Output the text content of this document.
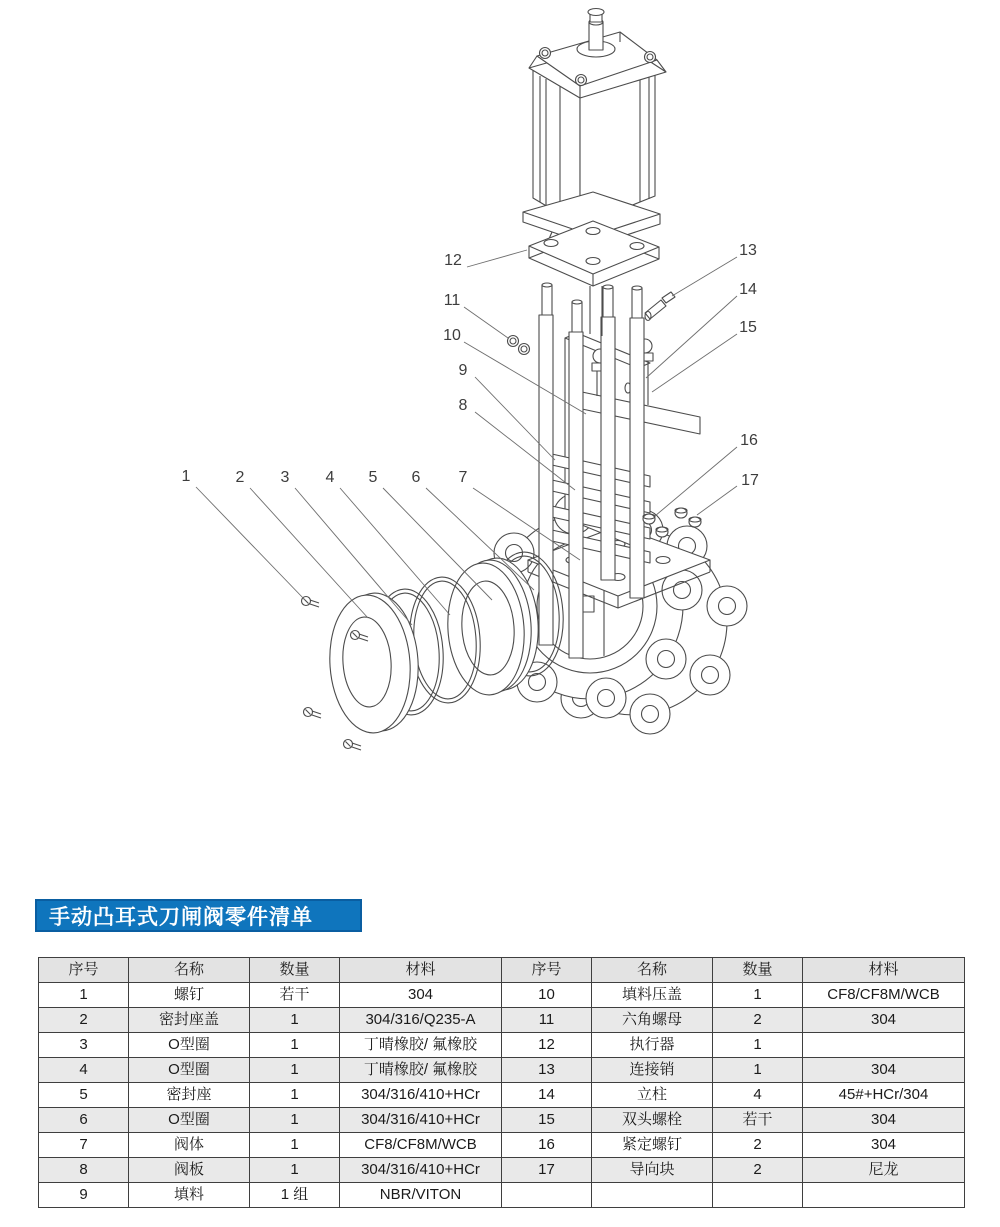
1	2 3 4 5 6 7
8
9
10
11
12
13
14
15
16
17
手动凸耳式刀闸阀零件清单
序号	名称	数量	材料
1	螺钉	若干	304
2	密封座盖	1	304/316/Q235-A
3	O型圈	1	丁晴橡胶/ 氟橡胶
4	O型圈	1	丁晴橡胶/ 氟橡胶
5	密封座	1	304/316/410+HCr
6	O型圈	1	304/316/410+HCr
7	阀体	1	CF8/CF8M/WCB
8	阀板	1	304/316/410+HCr
9	填料	1 组	NBR/VITON
序号	名称	数量	材料
10	填料压盖	1	CF8/CF8M/WCB
11	六角螺母	2	304
12	执行器	1	
13	连接销	1	304
14	立柱	4	45#+HCr/304
15	双头螺栓	若干	304
16	紧定螺钉	2	304
17	导向块	2	尼龙
